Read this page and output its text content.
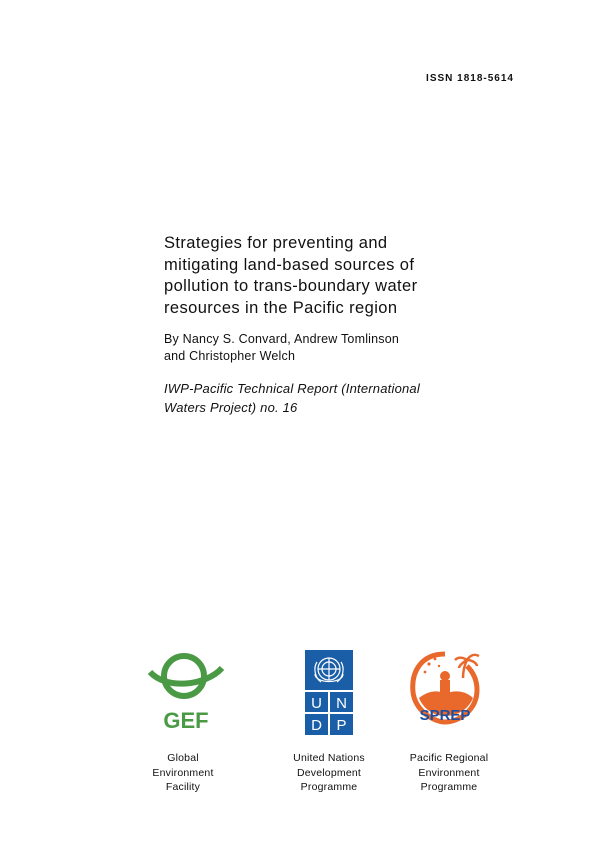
ISSN 1818-5614
Strategies for preventing and
mitigating land-based sources of
pollution to trans-boundary water
resources in the Pacific region
By Nancy S. Convard, Andrew Tomlinson
and Christopher Welch
IWP-Pacific Technical Report (International
Waters Project) no. 16
GEF
U N
D P
SPREP
Global
Environment
Facility
United Nations
Development
Programme
Pacific Regional
Environment
Programme
